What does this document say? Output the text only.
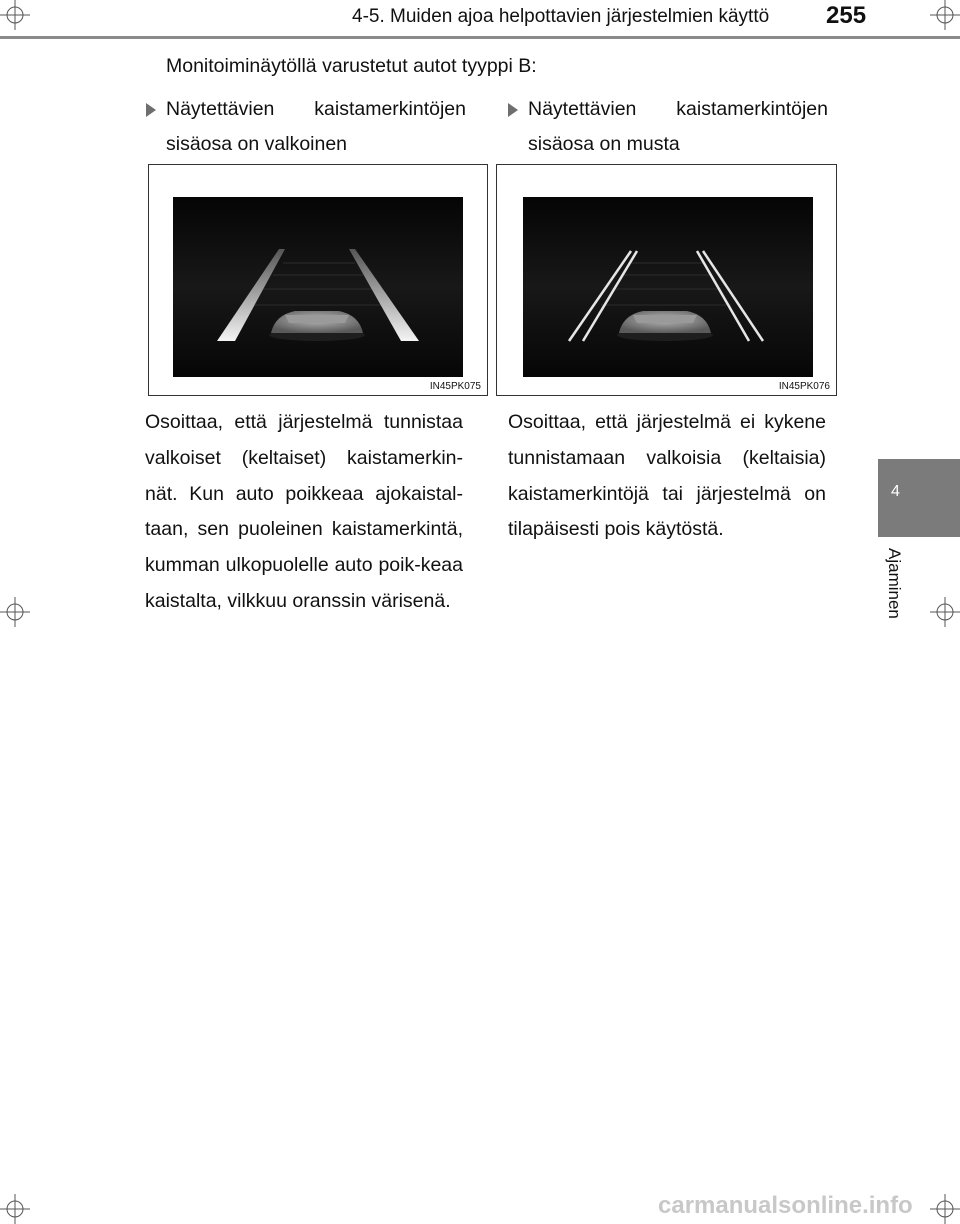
4-5. Muiden ajoa helpottavien järjestelmien käyttö 255
4
Ajaminen
Monitoiminäytöllä varustetut autot tyyppi B:
Näytettävien kaistamerkintöjen sisäosa on valkoinen
Näytettävien kaistamerkintöjen sisäosa on musta
IN45PK075	IN45PK076
Osoittaa, että järjestelmä tunnistaa valkoiset (keltaiset) kaistamerkin-nät. Kun auto poikkeaa ajokaistal-taan, sen puoleinen kaistamerkintä, kumman ulkopuolelle auto poik-keaa kaistalta, vilkkuu oranssin värisenä.
Osoittaa, että järjestelmä ei kykene tunnistamaan valkoisia (keltaisia) kaistamerkintöjä tai järjestelmä on tilapäisesti pois käytöstä.
carmanualsonline.info
